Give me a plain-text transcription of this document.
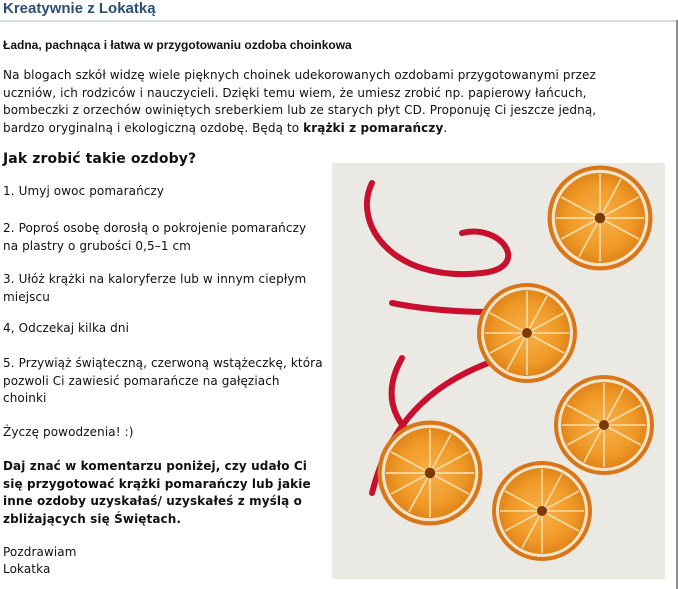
Kreatywnie z Lokatką
Ładna, pachnąca i łatwa w przygotowaniu ozdoba choinkowa

Na blogach szkół widzę wiele pięknych choinek udekorowanych ozdobami przygotowanymi przez
uczniów, ich rodziców i nauczycieli. Dzięki temu wiem, że umiesz zrobić np. papierowy łańcuch,
bombeczki z orzechów owiniętych sreberkiem lub ze starych płyt CD. Proponuję Ci jeszcze jedną,
bardzo oryginalną i ekologiczną ozdobę. Będą to krążki z pomarańczy.

Jak zrobić takie ozdoby?
1. Umyj owoc pomarańczy
2. Poproś osobę dorosłą o pokrojenie pomarańczy na plastry o grubości 0,5–1 cm
3. Ułóż krążki na kaloryferze lub w innym ciepłym miejscu
4, Odczekaj kilka dni
5. Przywiąż świąteczną, czerwoną wstążeczkę, która pozwoli Ci zawiesić pomarańcze na gałęziach choinki
Życzę powodzenia! :)
Daj znać w komentarzu poniżej, czy udało Ci się przygotować krążki pomarańczy lub jakie inne ozdoby uzyskałaś/ uzyskałeś z myślą o zbliżających się Świętach.
Pozdrawiam
Lokatka
